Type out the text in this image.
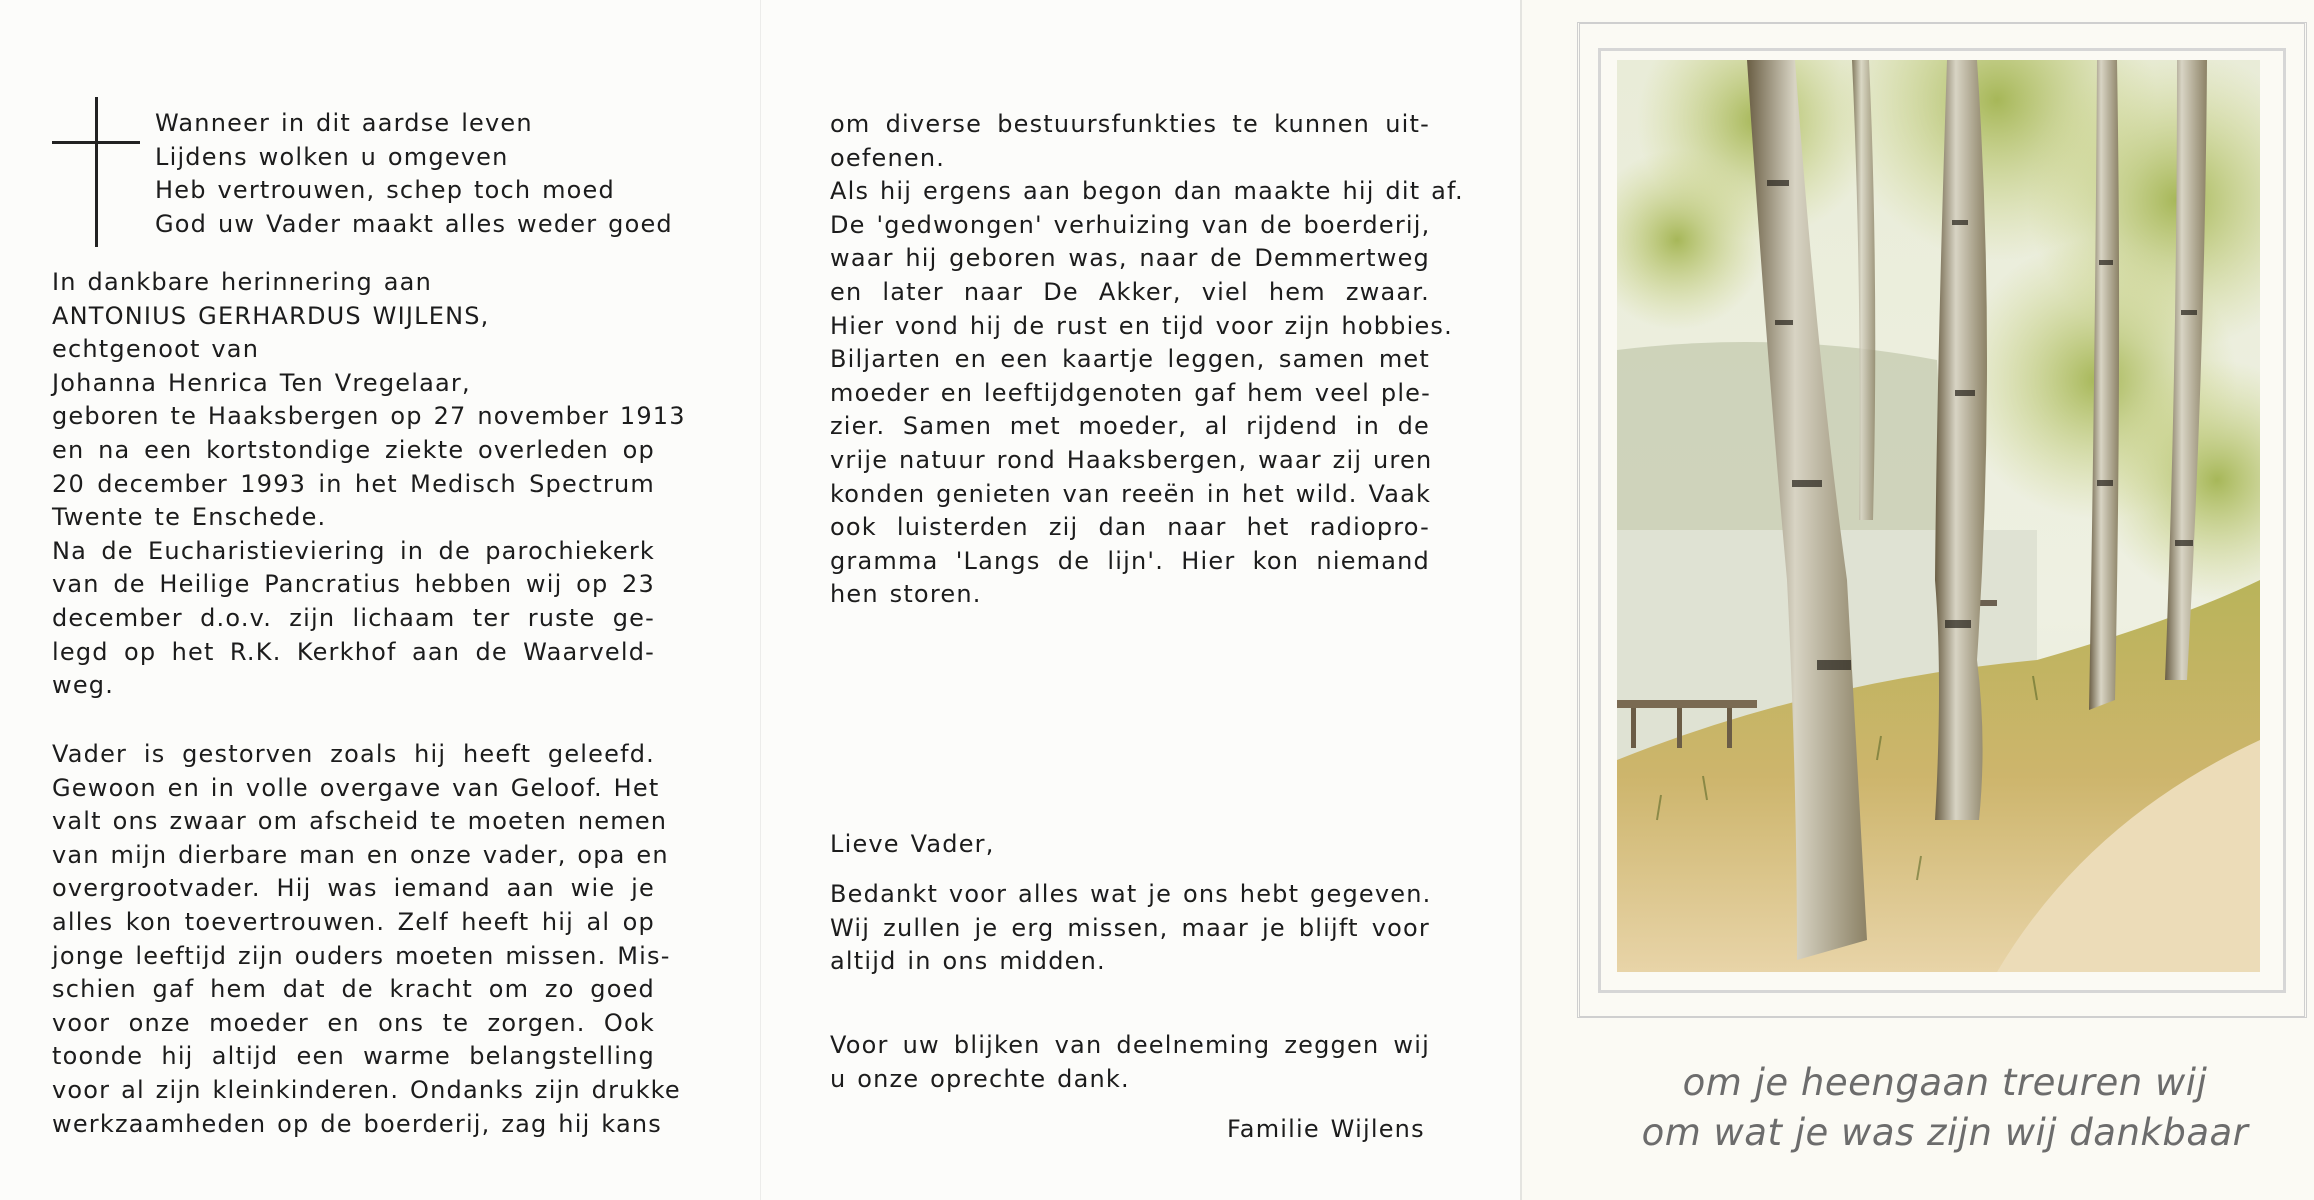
Wanneer in dit aardse leven
Lijdens wolken u omgeven
Heb vertrouwen, schep toch moed
God uw Vader maakt alles weder goed
In dankbare herinnering aan
ANTONIUS GERHARDUS WIJLENS,
echtgenoot van
Johanna Henrica Ten Vregelaar,
geboren te Haaksbergen op 27 november 1913
en na een kortstondige ziekte overleden op
20 december 1993 in het Medisch Spectrum
Twente te Enschede.
Na de Eucharistieviering in de parochiekerk
van de Heilige Pancratius hebben wij op 23
december d.o.v. zijn lichaam ter ruste ge-
legd op het R.K. Kerkhof aan de Waarveld-
weg.
Vader is gestorven zoals hij heeft geleefd.
Gewoon en in volle overgave van Geloof. Het
valt ons zwaar om afscheid te moeten nemen
van mijn dierbare man en onze vader, opa en
overgrootvader. Hij was iemand aan wie je
alles kon toevertrouwen. Zelf heeft hij al op
jonge leeftijd zijn ouders moeten missen. Mis-
schien gaf hem dat de kracht om zo goed
voor onze moeder en ons te zorgen. Ook
toonde hij altijd een warme belangstelling
voor al zijn kleinkinderen. Ondanks zijn drukke
werkzaamheden op de boerderij, zag hij kans
om diverse bestuursfunkties te kunnen uit-
oefenen.
Als hij ergens aan begon dan maakte hij dit af.
De 'gedwongen' verhuizing van de boerderij,
waar hij geboren was, naar de Demmertweg
en later naar De Akker, viel hem zwaar.
Hier vond hij de rust en tijd voor zijn hobbies.
Biljarten en een kaartje leggen, samen met
moeder en leeftijdgenoten gaf hem veel ple-
zier. Samen met moeder, al rijdend in de
vrije natuur rond Haaksbergen, waar zij uren
konden genieten van reeën in het wild. Vaak
ook luisterden zij dan naar het radiopro-
gramma 'Langs de lijn'. Hier kon niemand
hen storen.
Lieve Vader,
Bedankt voor alles wat je ons hebt gegeven.
Wij zullen je erg missen, maar je blijft voor
altijd in ons midden.
Voor uw blijken van deelneming zeggen wij
u onze oprechte dank.
Familie Wijlens
om je heengaan treuren wij
om wat je was zijn wij dankbaar
